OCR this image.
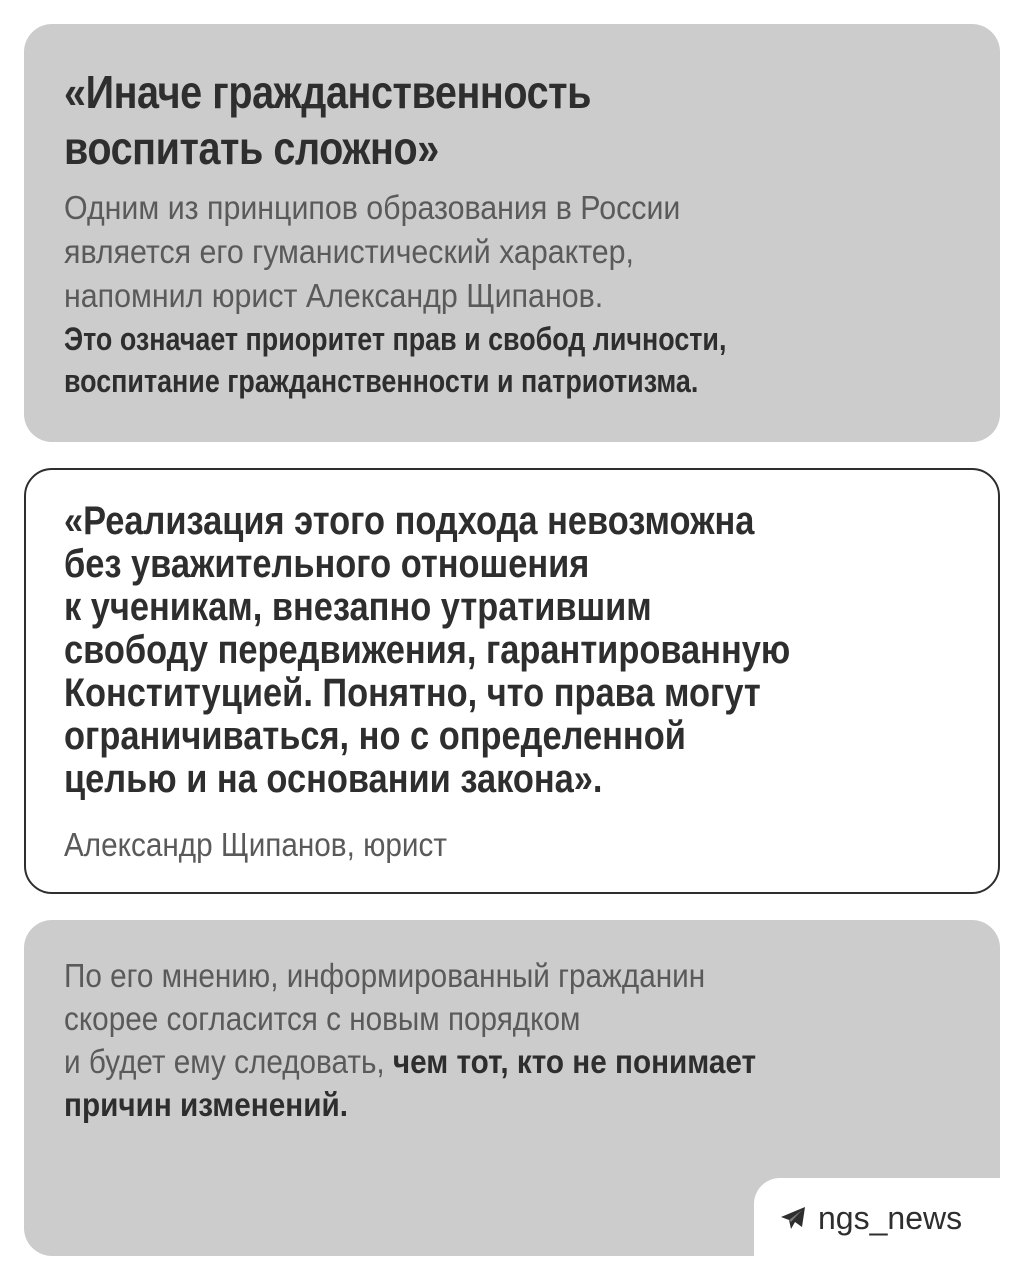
«Иначе гражданственность
воспитать сложно»

Одним из принципов образования в России
является его гуманистический характер,
напомнил юрист Александр Щипанов.

Это означает приоритет прав и свобод личности,
воспитание гражданственности и патриотизма.

«Реализация этого подхода невозможна
без уважительного отношения
к ученикам, внезапно утратившим
свободу передвижения, гарантированную
Конституцией. Понятно, что права могут
ограничиваться, но с определенной
целью и на основании закона».

Александр Щипанов, юрист

По его мнению, информированный гражданин
скорее согласится с новым порядком
и будет ему следовать, чем тот, кто не понимает
причин изменений.

ngs_news
